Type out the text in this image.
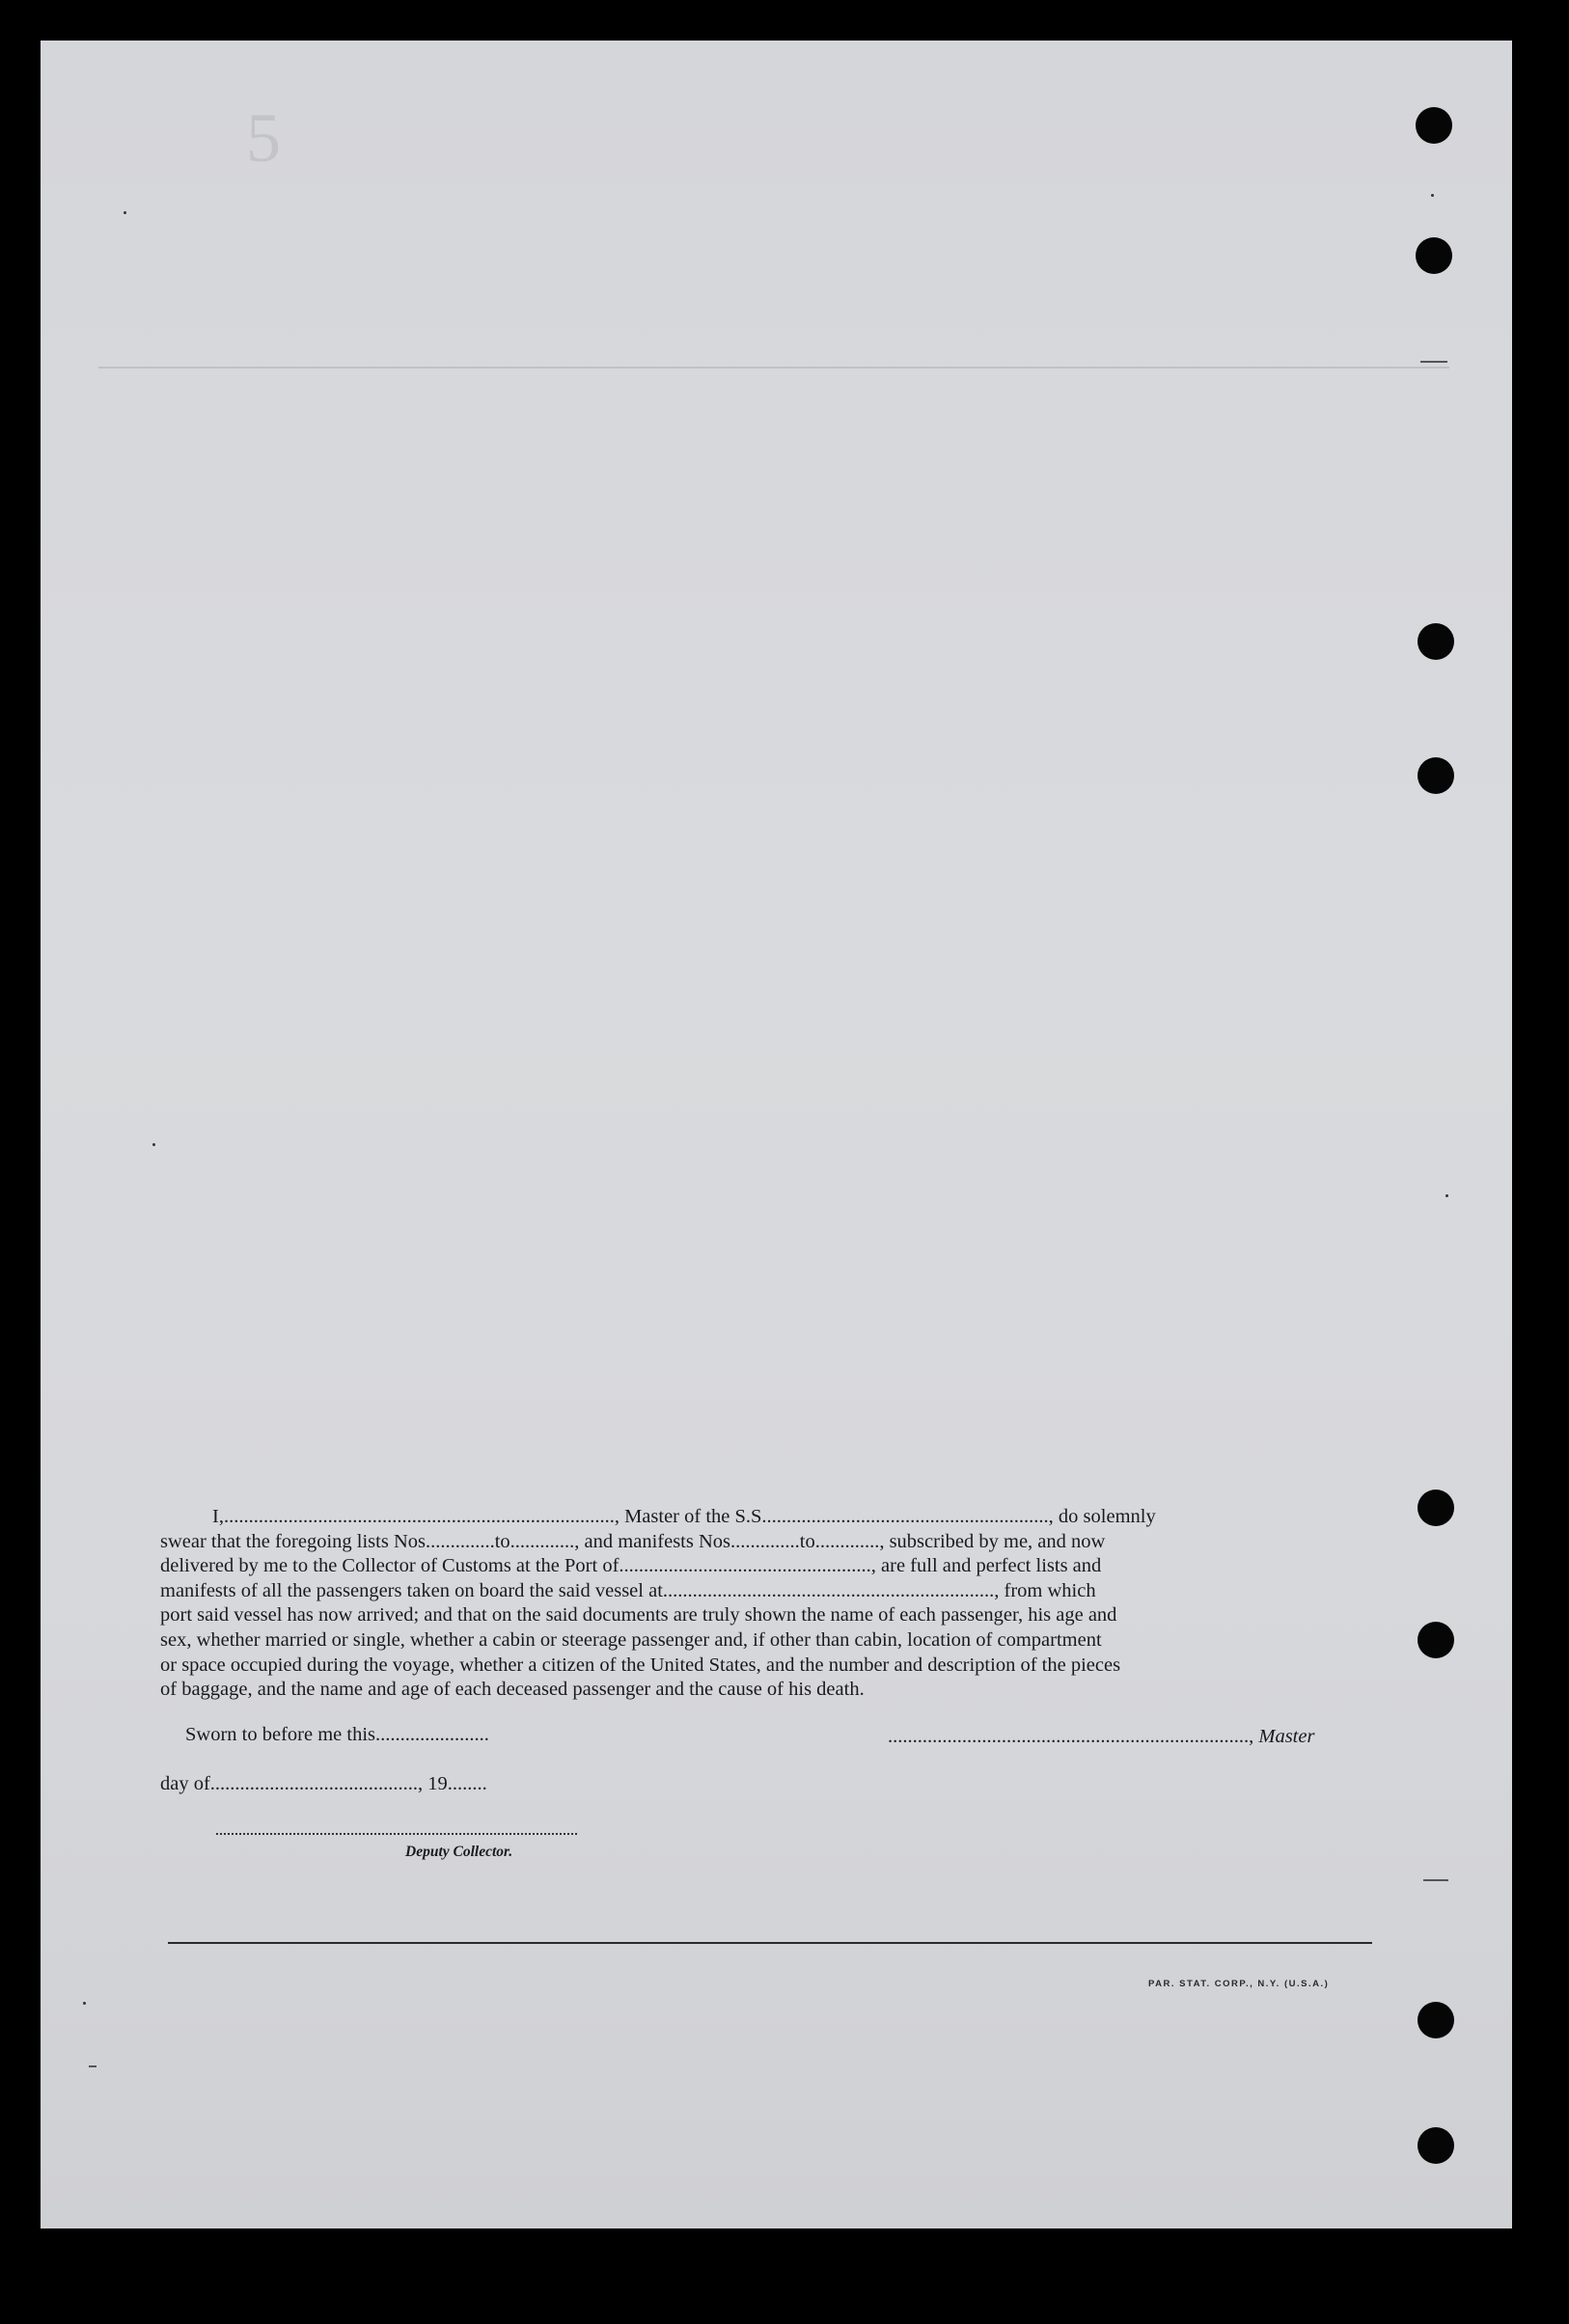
5

I,..............................................................................., Master of the S.S.........................................................., do solemnly

swear that the foregoing lists Nos..............to............., and manifests Nos..............to............., subscribed by me, and now

delivered by me to the Collector of Customs at the Port of..................................................., are full and perfect lists and

manifests of all the passengers taken on board the said vessel at..................................................................., from which

port said vessel has now arrived; and that on the said documents are truly shown the name of each passenger, his age and

sex, whether married or single, whether a cabin or steerage passenger and, if other than cabin, location of compartment

or space occupied during the voyage, whether a citizen of the United States, and the number and description of the pieces

of baggage, and the name and age of each deceased passenger and the cause of his death.

Sworn to before me this.......................
day of.........................................., 19........
........................................................................., Master
Deputy Collector.
PAR. STAT. CORP., N.Y. (U.S.A.)
